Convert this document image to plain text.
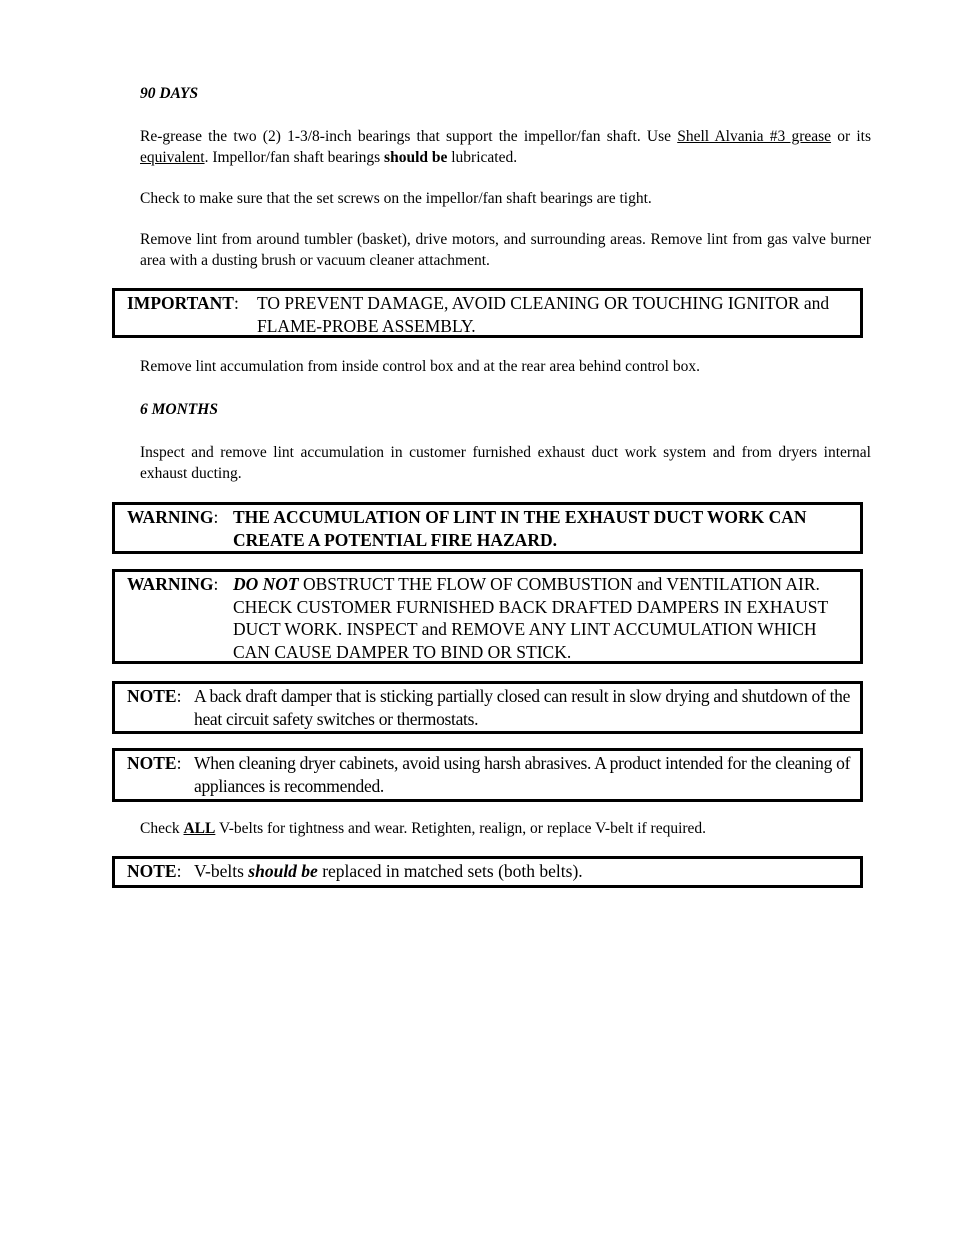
90 DAYS

Re-grease the two (2) 1-3/8-inch bearings that support the impellor/fan shaft. Use Shell Alvania #3 grease or its equivalent. Impellor/fan shaft bearings should be lubricated.

Check to make sure that the set screws on the impellor/fan shaft bearings are tight.

Remove lint from around tumbler (basket), drive motors, and surrounding areas. Remove lint from gas valve burner area with a dusting brush or vacuum cleaner attachment.

IMPORTANT:	TO PREVENT DAMAGE, AVOID CLEANING OR TOUCHING IGNITOR and FLAME-PROBE ASSEMBLY.

Remove lint accumulation from inside control box and at the rear area behind control box.

6 MONTHS

Inspect and remove lint accumulation in customer furnished exhaust duct work system and from dryers internal exhaust ducting.

WARNING: THE ACCUMULATION OF LINT IN THE EXHAUST DUCT WORK CAN CREATE A POTENTIAL FIRE HAZARD.
WARNING: DO NOT OBSTRUCT THE FLOW OF COMBUSTION and VENTILATION AIR. CHECK CUSTOMER FURNISHED BACK DRAFTED DAMPERS IN EXHAUST DUCT WORK. INSPECT and REMOVE ANY LINT ACCUMULATION WHICH CAN CAUSE DAMPER TO BIND OR STICK.
NOTE: A back draft damper that is sticking partially closed can result in slow drying and shutdown of the heat circuit safety switches or thermostats.
NOTE: When cleaning dryer cabinets, avoid using harsh abrasives. A product intended for the cleaning of appliances is recommended.

Check ALL V-belts for tightness and wear. Retighten, realign, or replace V-belt if required.

NOTE: V-belts should be replaced in matched sets (both belts).
